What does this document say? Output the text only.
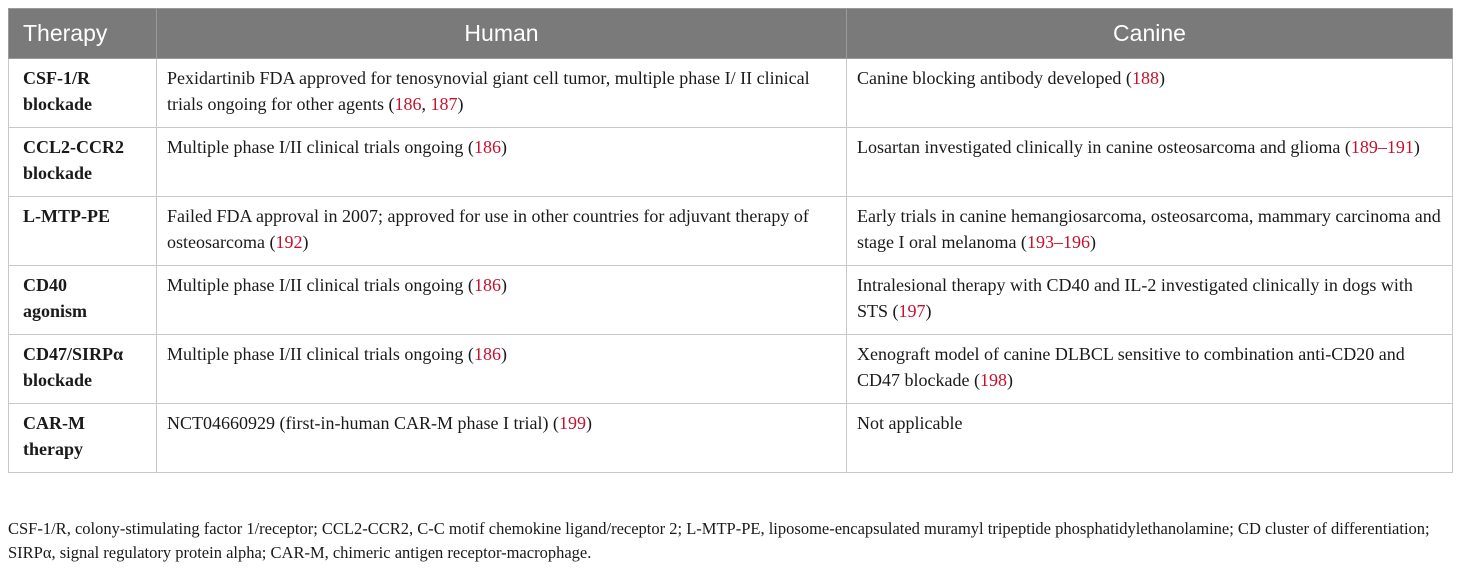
Therapy	Human	Canine
CSF-1/R
blockade	Pexidartinib FDA approved for tenosynovial giant cell tumor, multiple phase I/ II clinical trials ongoing for other agents (186, 187)	Canine blocking antibody developed (188)
CCL2-CCR2
blockade	Multiple phase I/II clinical trials ongoing (186)	Losartan investigated clinically in canine osteosarcoma and glioma (189–191)
L-MTP-PE	Failed FDA approval in 2007; approved for use in other countries for adjuvant therapy of osteosarcoma (192)	Early trials in canine hemangiosarcoma, osteosarcoma, mammary carcinoma and stage I oral melanoma (193–196)
CD40
agonism	Multiple phase I/II clinical trials ongoing (186)	Intralesional therapy with CD40 and IL-2 investigated clinically in dogs with STS (197)
CD47/SIRPα
blockade	Multiple phase I/II clinical trials ongoing (186)	Xenograft model of canine DLBCL sensitive to combination anti-CD20 and CD47 blockade (198)
CAR-M
therapy	NCT04660929 (first-in-human CAR-M phase I trial) (199)	Not applicable
CSF-1/R, colony-stimulating factor 1/receptor; CCL2-CCR2, C-C motif chemokine ligand/receptor 2; L-MTP-PE, liposome-encapsulated muramyl tripeptide phosphatidylethanolamine; CD cluster of differentiation; SIRPα, signal regulatory protein alpha; CAR-M, chimeric antigen receptor-macrophage.
